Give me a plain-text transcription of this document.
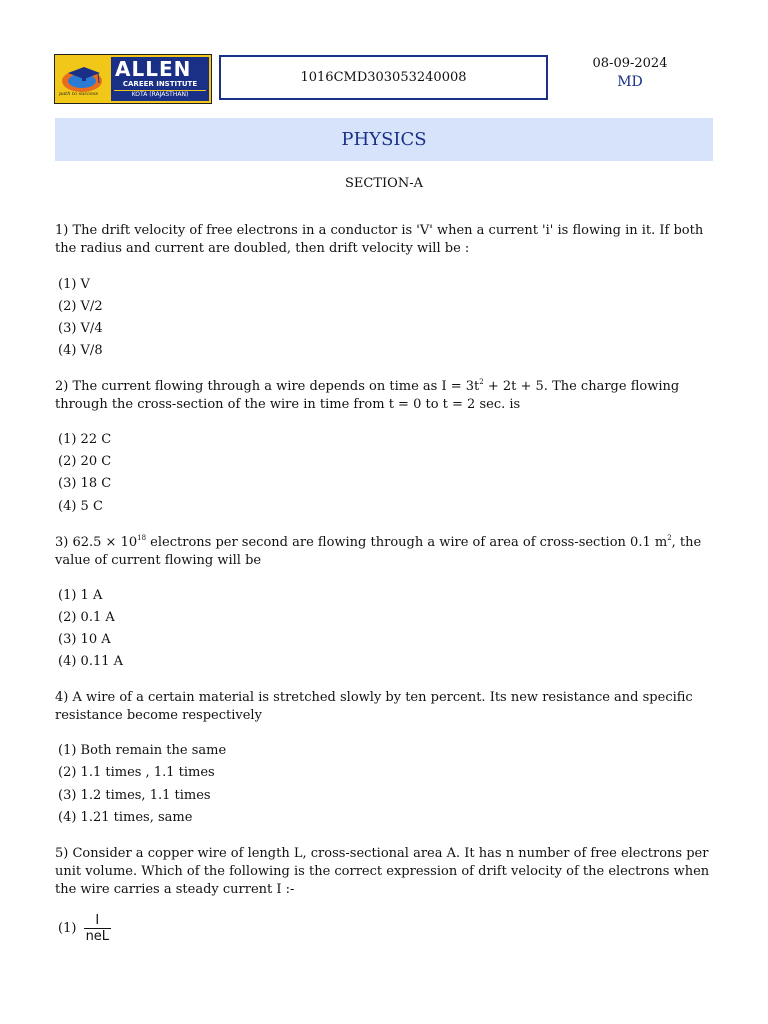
path to success
ALLEN
CAREER INSTITUTE
KOTA (RAJASTHAN)
1016CMD303053240008
08-09-2024
MD
PHYSICS
SECTION-A
1) The drift velocity of free electrons in a conductor is 'V' when a current 'i' is flowing in it. If both
the radius and current are doubled, then drift velocity will be :
(1) V
(2) V/2
(3) V/4
(4) V/8
2) The current flowing through a wire depends on time as $I = 3t^2 + 2t + 5$. The charge flowing
through the cross-section of the wire in time from t = 0 to t = 2 sec. is
(1) 22 C
(2) 20 C
(3) 18 C
(4) 5 C
3) $62.5 \times 10^{18}$ electrons per second are flowing through a wire of area of cross-section 0.1 $m^2$, the
value of current flowing will be
(1) 1 A
(2) 0.1 A
(3) 10 A
(4) 0.11 A
4) A wire of a certain material is stretched slowly by ten percent. Its new resistance and specific
resistance become respectively
(1) Both remain the same
(2) 1.1 times , 1.1 times
(3) 1.2 times, 1.1 times
(4) 1.21 times, same
5) Consider a copper wire of length L, cross-sectional area A. It has n number of free electrons per
unit volume. Which of the following is the correct expression of drift velocity of the electrons when
the wire carries a steady current I :-
$(1) \frac{I}{\text{neL}}$
